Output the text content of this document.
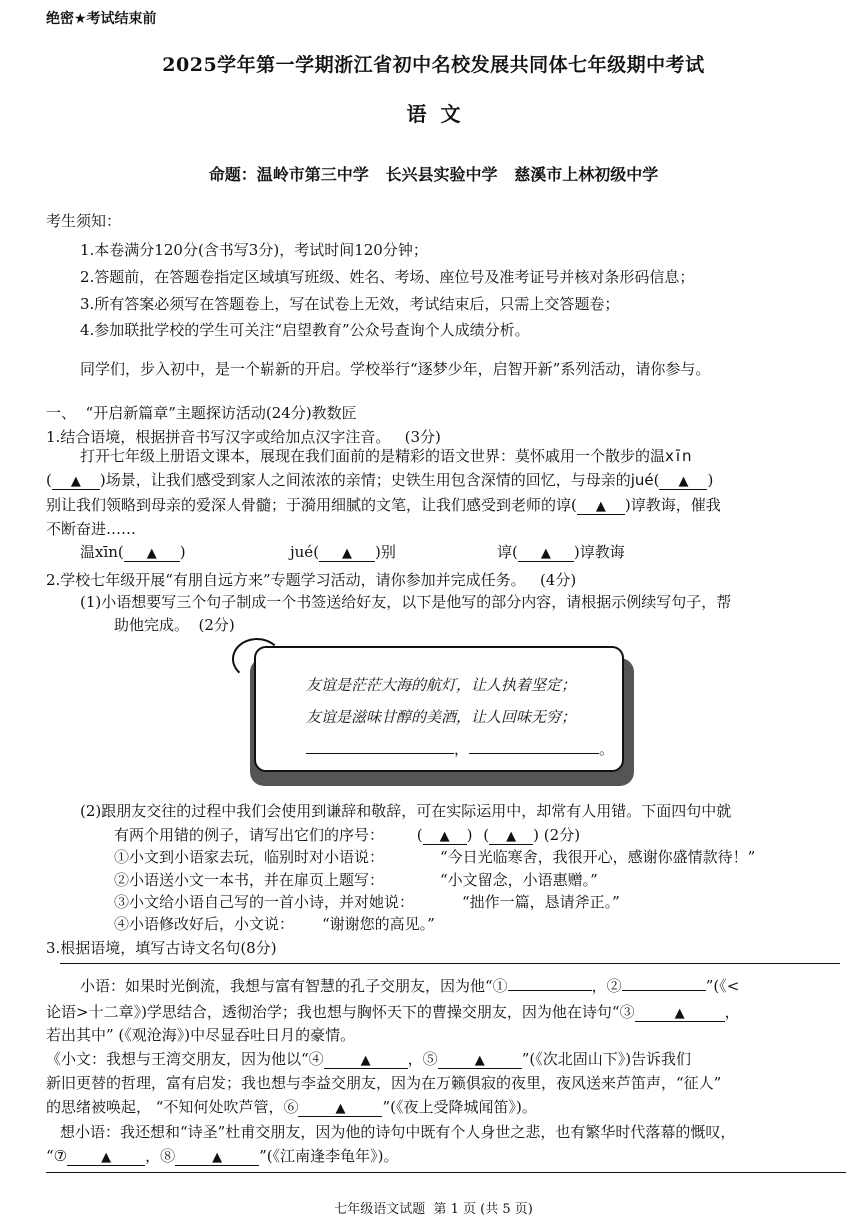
绝密★考试结束前
2025学年第一学期浙江省初中名校发展共同体七年级期中考试
语  文
命题：温岭市第三中学   长兴县实验中学   慈溪市上林初级中学
考生须知：
1.本卷满分120分(含书写3分)，考试时间120分钟；
2.答题前，在答题卷指定区域填写班级、姓名、考场、座位号及准考证号并核对条形码信息；
3.所有答案必须写在答题卷上，写在试卷上无效，考试结束后，只需上交答题卷；
4.参加联批学校的学生可关注“启望教育”公众号查询个人成绩分析。
同学们，步入初中，是一个崭新的开启。学校举行“逐梦少年，启智开新”系列活动，请你参与。
一、  “开启新篇章”主题探访活动(24分)教数匠
1.结合语境，根据拼音书写汉字或给加点汉字注音。   (3分)
打开七年级上册语文课本，展现在我们面前的是精彩的语文世界：莫怀戚用一个散步的温xīn
( ▲ )场景，让我们感受到家人之间浓浓的亲情；史铁生用包含深情的回忆，与母亲的jué( ▲ )
别让我们领略到母亲的爱深人骨髓；于漪用细腻的文笔，让我们感受到老师的谆( ▲ )谆教诲，催我
不断奋进……
温xīn( ▲ )	jué( ▲ )别	谆( ▲ )谆教诲
2.学校七年级开展“有朋自远方来”专题学习活动，请你参加并完成任务。   (4分)
(1)小语想要写三个句子制成一个书签送给好友，以下是他写的部分内容，请根据示例续写句子，帮
助他完成。  (2分)
友谊是茫茫大海的航灯，让人执着坚定；
友谊是滋味甘醇的美酒，让人回味无穷；
，	。
(2)跟朋友交往的过程中我们会使用到谦辞和敬辞，可在实际运用中，却常有人用错。下面四句中就
有两个用错的例子，请写出它们的序号： ( ▲ ) ( ▲ ) (2分)
①小文到小语家去玩，临别时对小语说：	“今日光临寒舍，我很开心，感谢你盛情款待！”
②小语送小文一本书，并在扉页上题写：	“小文留念，小语惠赠。”
③小文给小语自己写的一首小诗，并对她说：	“拙作一篇，恳请斧正。”
④小语修改好后，小文说： “谢谢您的高见。”
3.根据语境，填写古诗文名句(8分)
小语：如果时光倒流，我想与富有智慧的孔子交朋友，因为他“①	，②	”(《<
论语>十二章》)学思结合，透彻治学；我也想与胸怀天下的曹操交朋友，因为他在诗句“③	▲	，
若出其中” (《观沧海》)中尽显吞吐日月的豪情。
《小文：我想与王湾交朋友，因为他以“④	▲ ，⑤	▲ ”(《次北固山下》)告诉我们
新旧更替的哲理，富有启发；我也想与李益交朋友，因为在万籁俱寂的夜里，夜风送来芦笛声，“征人”
的思绪被唤起， “不知何处吹芦管，⑥	▲ ”(《夜上受降城闻笛》)。
想小语：我还想和“诗圣”杜甫交朋友，因为他的诗句中既有个人身世之悲，也有繁华时代落幕的慨叹，
“⑦	▲ ，⑧	▲ ”(《江南逢李龟年》)。
七年级语文试题  第 1 页 (共 5 页)
